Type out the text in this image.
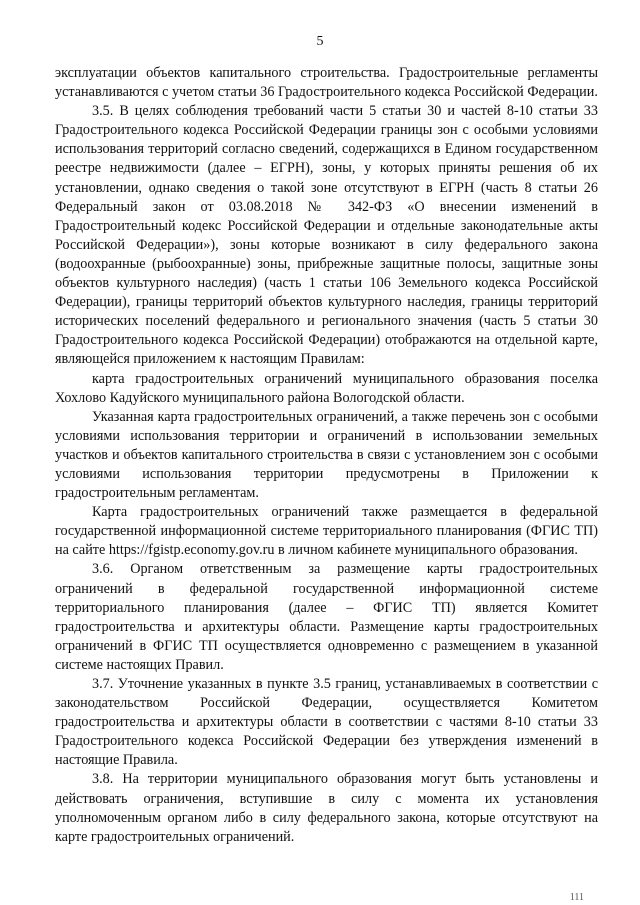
5

эксплуатации объектов капитального строительства. Градостроительные регламенты устанавливаются с учетом статьи 36 Градостроительного кодекса Российской Федерации.

3.5. В целях соблюдения требований части 5 статьи 30 и частей 8-10 статьи 33 Градостроительного кодекса Российской Федерации границы зон с особыми условиями использования территорий согласно сведений, содержащихся в Едином государственном реестре недвижимости (далее – ЕГРН), зоны, у которых приняты решения об их установлении, однако сведения о такой зоне отсутствуют в ЕГРН (часть 8 статьи 26 Федеральный закон от 03.08.2018 № 342-ФЗ «О внесении изменений в Градостроительный кодекс Российской Федерации и отдельные законодательные акты Российской Федерации»), зоны которые возникают в силу федерального закона (водоохранные (рыбоохранные) зоны, прибрежные защитные полосы, защитные зоны объектов культурного наследия) (часть 1 статьи 106 Земельного кодекса Российской Федерации), границы территорий объектов культурного наследия, границы территорий исторических поселений федерального и регионального значения (часть 5 статьи 30 Градостроительного кодекса Российской Федерации) отображаются на отдельной карте, являющейся приложением к настоящим Правилам:

карта градостроительных ограничений муниципального образования поселка Хохлово Кадуйского муниципального района Вологодской области.

Указанная карта градостроительных ограничений, а также перечень зон с особыми условиями использования территории и ограничений в использовании земельных участков и объектов капитального строительства в связи с установлением зон с особыми условиями использования территории предусмотрены в Приложении к градостроительным регламентам.

Карта градостроительных ограничений также размещается в федеральной государственной информационной системе территориального планирования (ФГИС ТП) на сайте https://fgistp.economy.gov.ru в личном кабинете муниципального образования.

3.6. Органом ответственным за размещение карты градостроительных ограничений в федеральной государственной информационной системе территориального планирования (далее – ФГИС ТП) является Комитет градостроительства и архитектуры области. Размещение карты градостроительных ограничений в ФГИС ТП осуществляется одновременно с размещением в указанной системе настоящих Правил.

3.7. Уточнение указанных в пункте 3.5 границ, устанавливаемых в соответствии с законодательством Российской Федерации, осуществляется Комитетом градостроительства и архитектуры области в соответствии с частями 8-10 статьи 33 Градостроительного кодекса Российской Федерации без утверждения изменений в настоящие Правила.

3.8. На территории муниципального образования могут быть установлены и действовать ограничения, вступившие в силу с момента их установления уполномоченным органом либо в силу федерального закона, которые отсутствуют на карте градостроительных ограничений.

111
